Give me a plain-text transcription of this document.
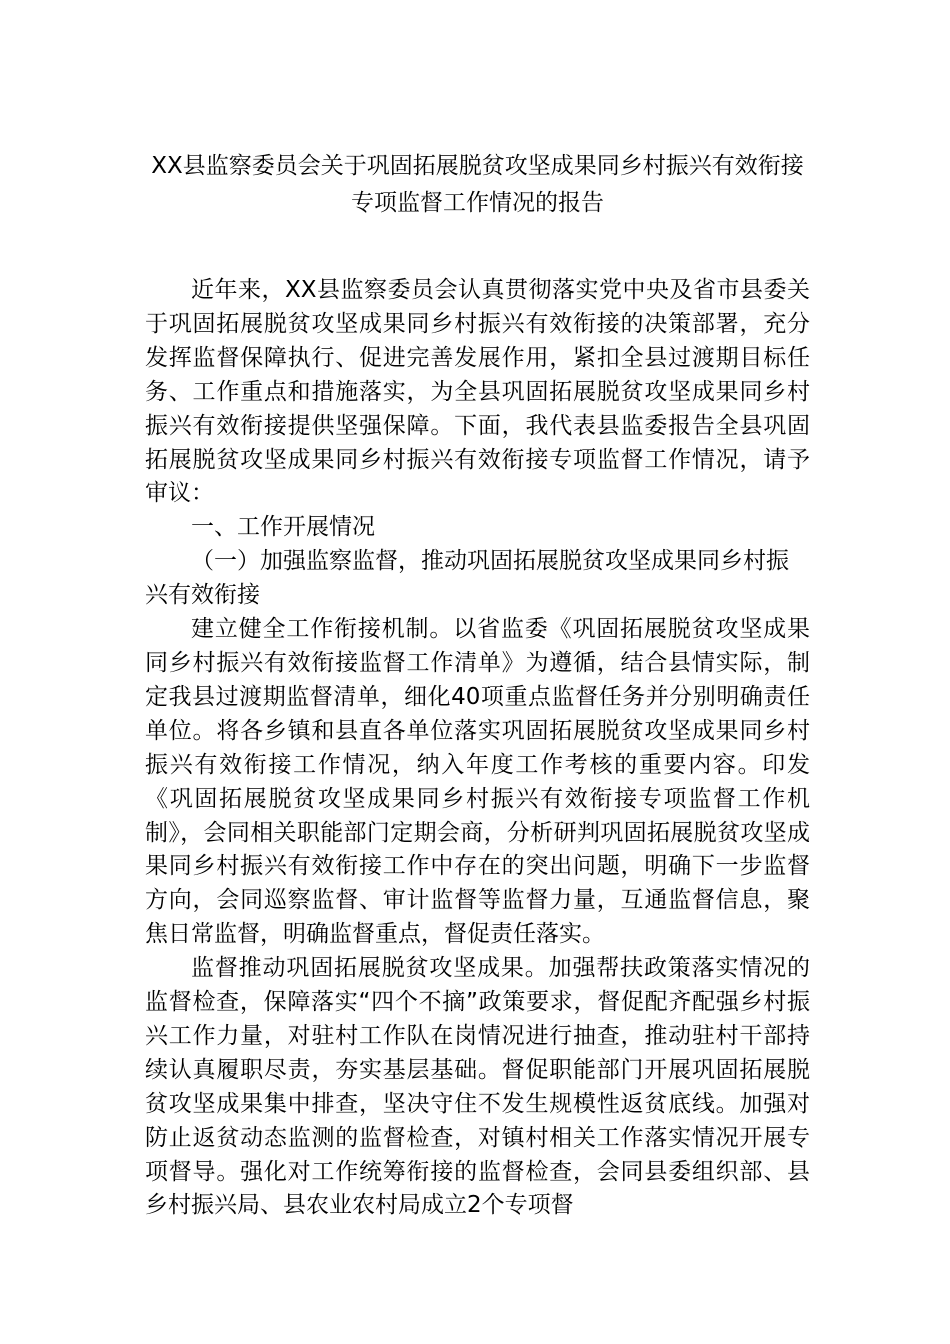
XX县监察委员会关于巩固拓展脱贫攻坚成果同乡村振兴有效衔接专项监督工作情况的报告

近年来，XX县监察委员会认真贯彻落实党中央及省市县委关于巩固拓展脱贫攻坚成果同乡村振兴有效衔接的决策部署，充分发挥监督保障执行、促进完善发展作用，紧扣全县过渡期目标任务、工作重点和措施落实，为全县巩固拓展脱贫攻坚成果同乡村振兴有效衔接提供坚强保障。下面，我代表县监委报告全县巩固拓展脱贫攻坚成果同乡村振兴有效衔接专项监督工作情况，请予审议：

一、工作开展情况

（一）加强监察监督，推动巩固拓展脱贫攻坚成果同乡村振兴有效衔接

建立健全工作衔接机制。以省监委《巩固拓展脱贫攻坚成果同乡村振兴有效衔接监督工作清单》为遵循，结合县情实际，制定我县过渡期监督清单，细化40项重点监督任务并分别明确责任单位。将各乡镇和县直各单位落实巩固拓展脱贫攻坚成果同乡村振兴有效衔接工作情况，纳入年度工作考核的重要内容。印发《巩固拓展脱贫攻坚成果同乡村振兴有效衔接专项监督工作机制》，会同相关职能部门定期会商，分析研判巩固拓展脱贫攻坚成果同乡村振兴有效衔接工作中存在的突出问题，明确下一步监督方向，会同巡察监督、审计监督等监督力量，互通监督信息，聚焦日常监督，明确监督重点，督促责任落实。

监督推动巩固拓展脱贫攻坚成果。加强帮扶政策落实情况的监督检查，保障落实“四个不摘”政策要求，督促配齐配强乡村振兴工作力量，对驻村工作队在岗情况进行抽查，推动驻村干部持续认真履职尽责，夯实基层基础。督促职能部门开展巩固拓展脱贫攻坚成果集中排查，坚决守住不发生规模性返贫底线。加强对防止返贫动态监测的监督检查，对镇村相关工作落实情况开展专项督导。强化对工作统筹衔接的监督检查，会同县委组织部、县乡村振兴局、县农业农村局成立2个专项督
